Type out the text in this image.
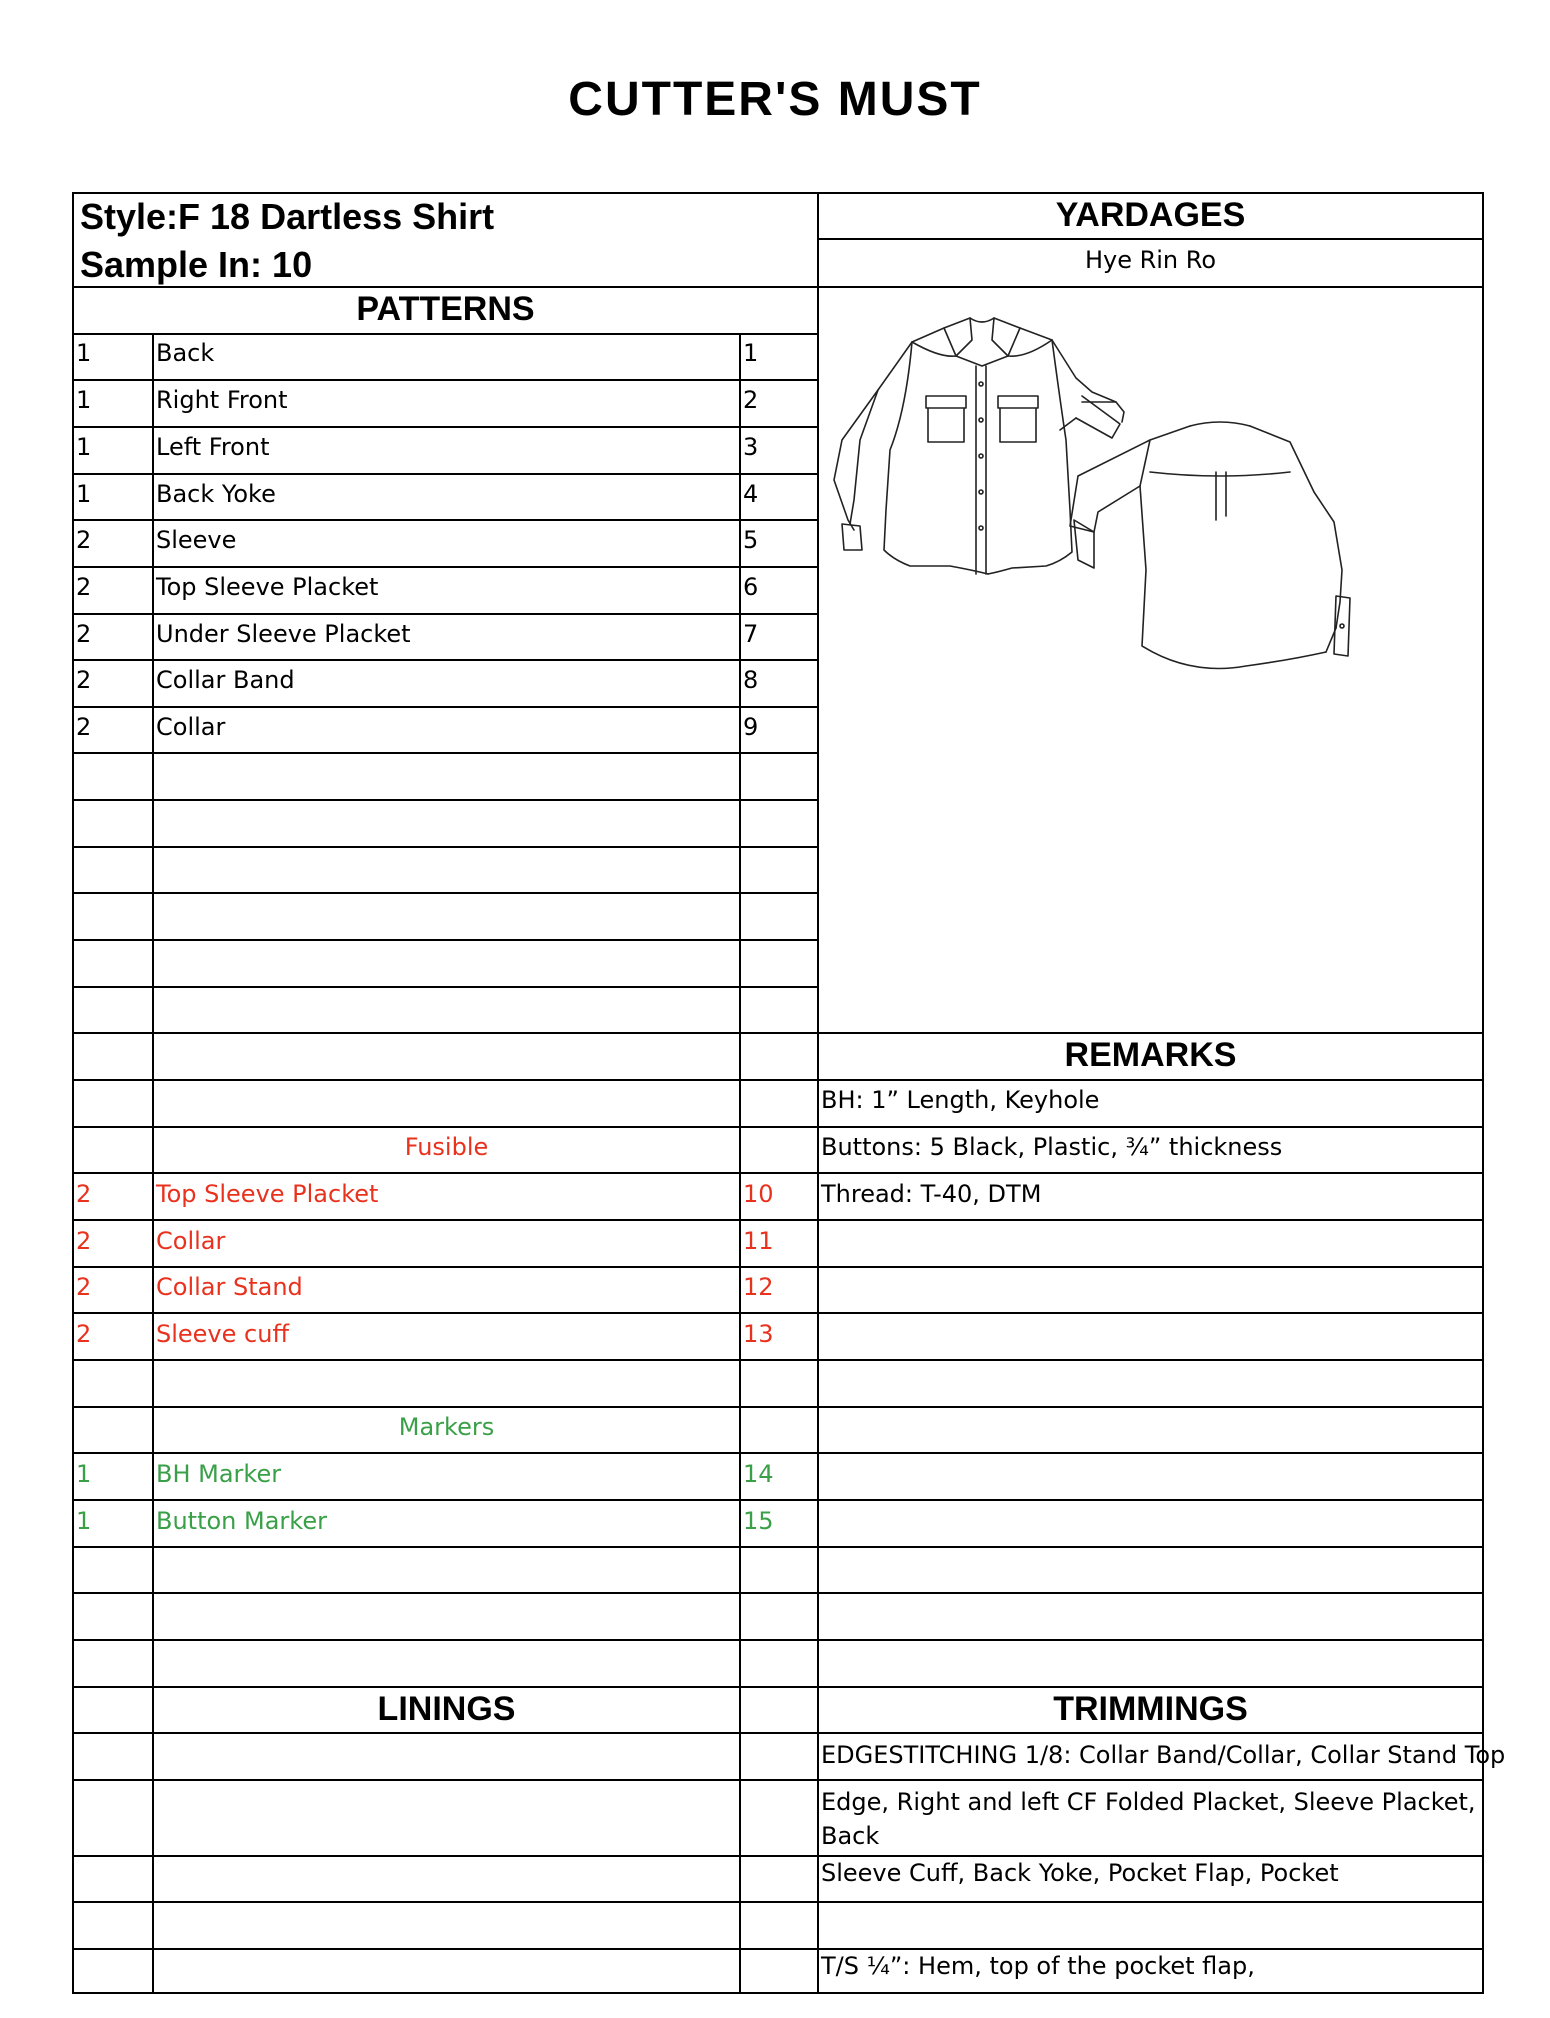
CUTTER'S MUST
Style:F 18 Dartless Shirt
Sample In: 10
YARDAGES
Hye Rin Ro
PATTERNS
REMARKS
LININGS	TRIMMINGS
1	Back	1
1	Right Front	2
1	Left Front	3
1	Back Yoke	4
2	Sleeve	5
2	Top Sleeve Placket	6
2	Under Sleeve Placket	7
2	Collar Band	8
2	Collar	9
Fusible
2	Top Sleeve Placket	10
2	Collar	11
2	Collar Stand	12
2	Sleeve cuff	13
Markers
1	BH Marker	14
1	Button Marker	15
BH: 1” Length, Keyhole
Buttons: 5 Black, Plastic, ¾” thickness
Thread: T-40, DTM
EDGESTITCHING 1/8: Collar Band/Collar, Collar Stand Top
Edge, Right and left CF Folded Placket, Sleeve Placket,
Back
Sleeve Cuff, Back Yoke, Pocket Flap, Pocket
T/S ¼”: Hem, top of the pocket flap,
